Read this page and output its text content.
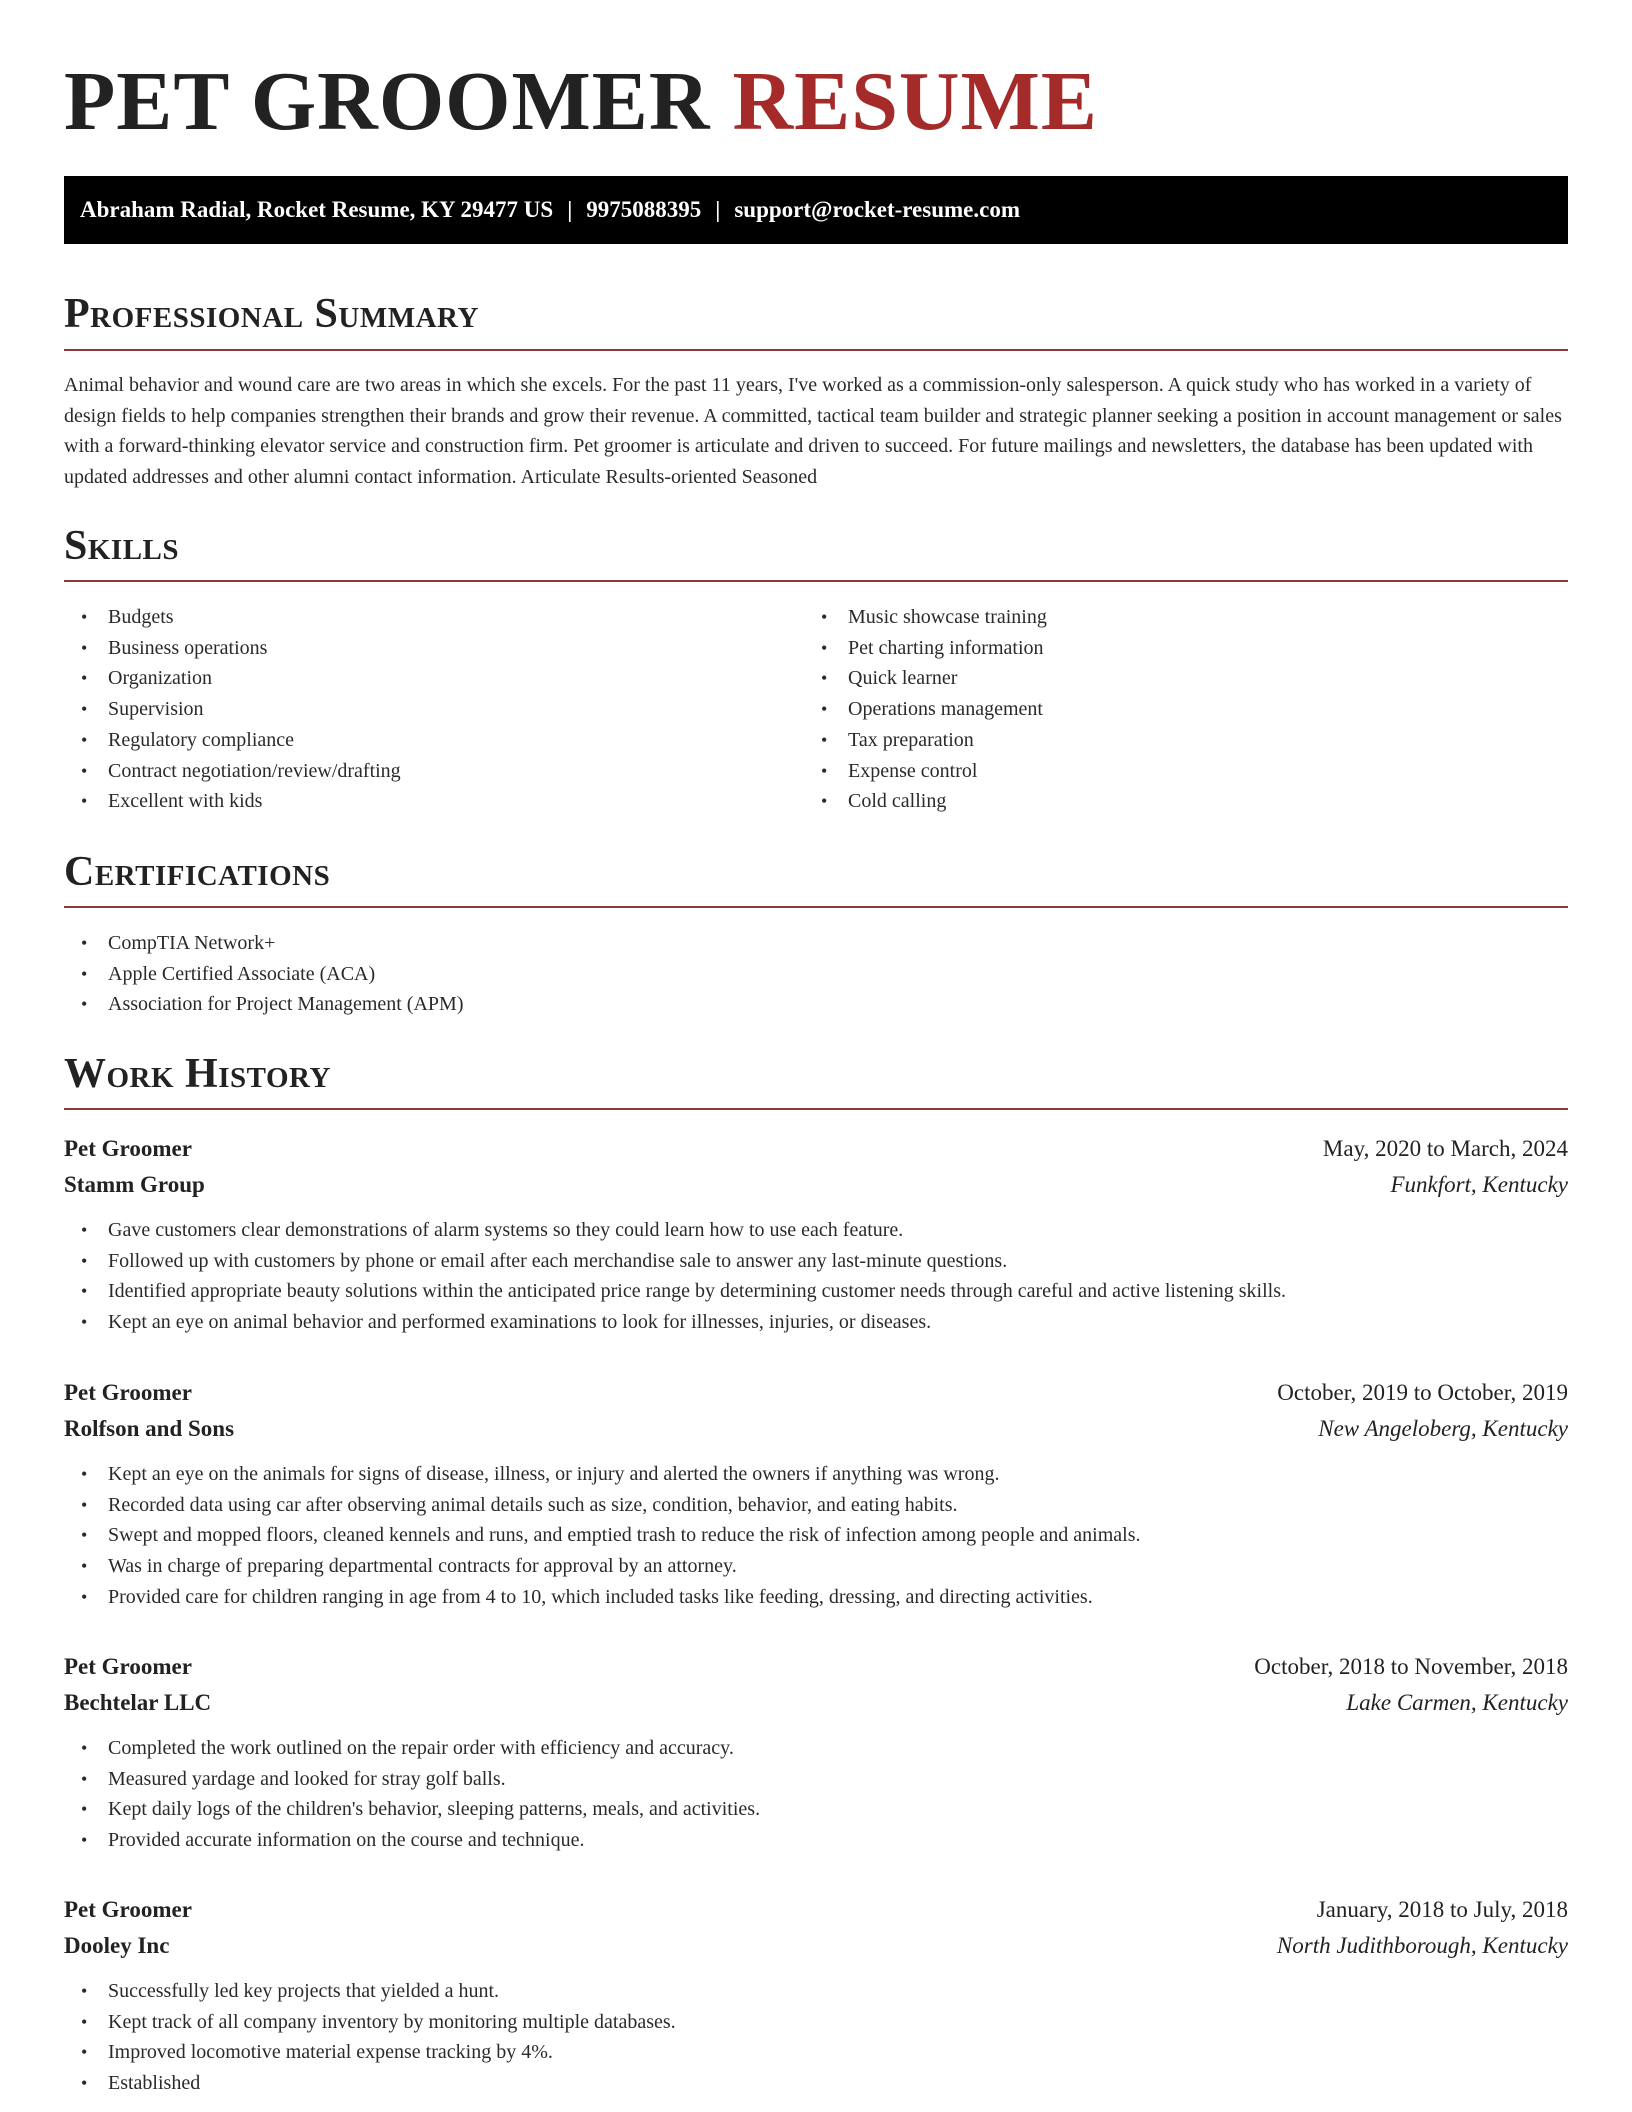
PET GROOMER RESUME
Abraham Radial, Rocket Resume, KY 29477 US | 9975088395 | support@rocket-resume.com
Professional Summary

Animal behavior and wound care are two areas in which she excels. For the past 11 years, I've worked as a commission-only salesperson. A quick study who has worked in a variety of design fields to help companies strengthen their brands and grow their revenue. A committed, tactical team builder and strategic planner seeking a position in account management or sales with a forward-thinking elevator service and construction firm. Pet groomer is articulate and driven to succeed. For future mailings and newsletters, the database has been updated with updated addresses and other alumni contact information. Articulate Results-oriented Seasoned

Skills
• Budgets
• Business operations
• Organization
• Supervision
• Regulatory compliance
• Contract negotiation/review/drafting
• Excellent with kids
• Music showcase training
• Pet charting information
• Quick learner
• Operations management
• Tax preparation
• Expense control
• Cold calling
Certifications
• CompTIA Network+
• Apple Certified Associate (ACA)
• Association for Project Management (APM)
Work History
Pet Groomer	May, 2020 to March, 2024
Stamm Group	Funkfort, Kentucky
• Gave customers clear demonstrations of alarm systems so they could learn how to use each feature.
• Followed up with customers by phone or email after each merchandise sale to answer any last-minute questions.
• Identified appropriate beauty solutions within the anticipated price range by determining customer needs through careful and active listening skills.
• Kept an eye on animal behavior and performed examinations to look for illnesses, injuries, or diseases.
Pet Groomer	October, 2019 to October, 2019
Rolfson and Sons	New Angeloberg, Kentucky
• Kept an eye on the animals for signs of disease, illness, or injury and alerted the owners if anything was wrong.
• Recorded data using car after observing animal details such as size, condition, behavior, and eating habits.
• Swept and mopped floors, cleaned kennels and runs, and emptied trash to reduce the risk of infection among people and animals.
• Was in charge of preparing departmental contracts for approval by an attorney.
• Provided care for children ranging in age from 4 to 10, which included tasks like feeding, dressing, and directing activities.
Pet Groomer	October, 2018 to November, 2018
Bechtelar LLC	Lake Carmen, Kentucky
• Completed the work outlined on the repair order with efficiency and accuracy.
• Measured yardage and looked for stray golf balls.
• Kept daily logs of the children's behavior, sleeping patterns, meals, and activities.
• Provided accurate information on the course and technique.
Pet Groomer	January, 2018 to July, 2018
Dooley Inc	North Judithborough, Kentucky
• Successfully led key projects that yielded a hunt.
• Kept track of all company inventory by monitoring multiple databases.
• Improved locomotive material expense tracking by 4%.
• Established
